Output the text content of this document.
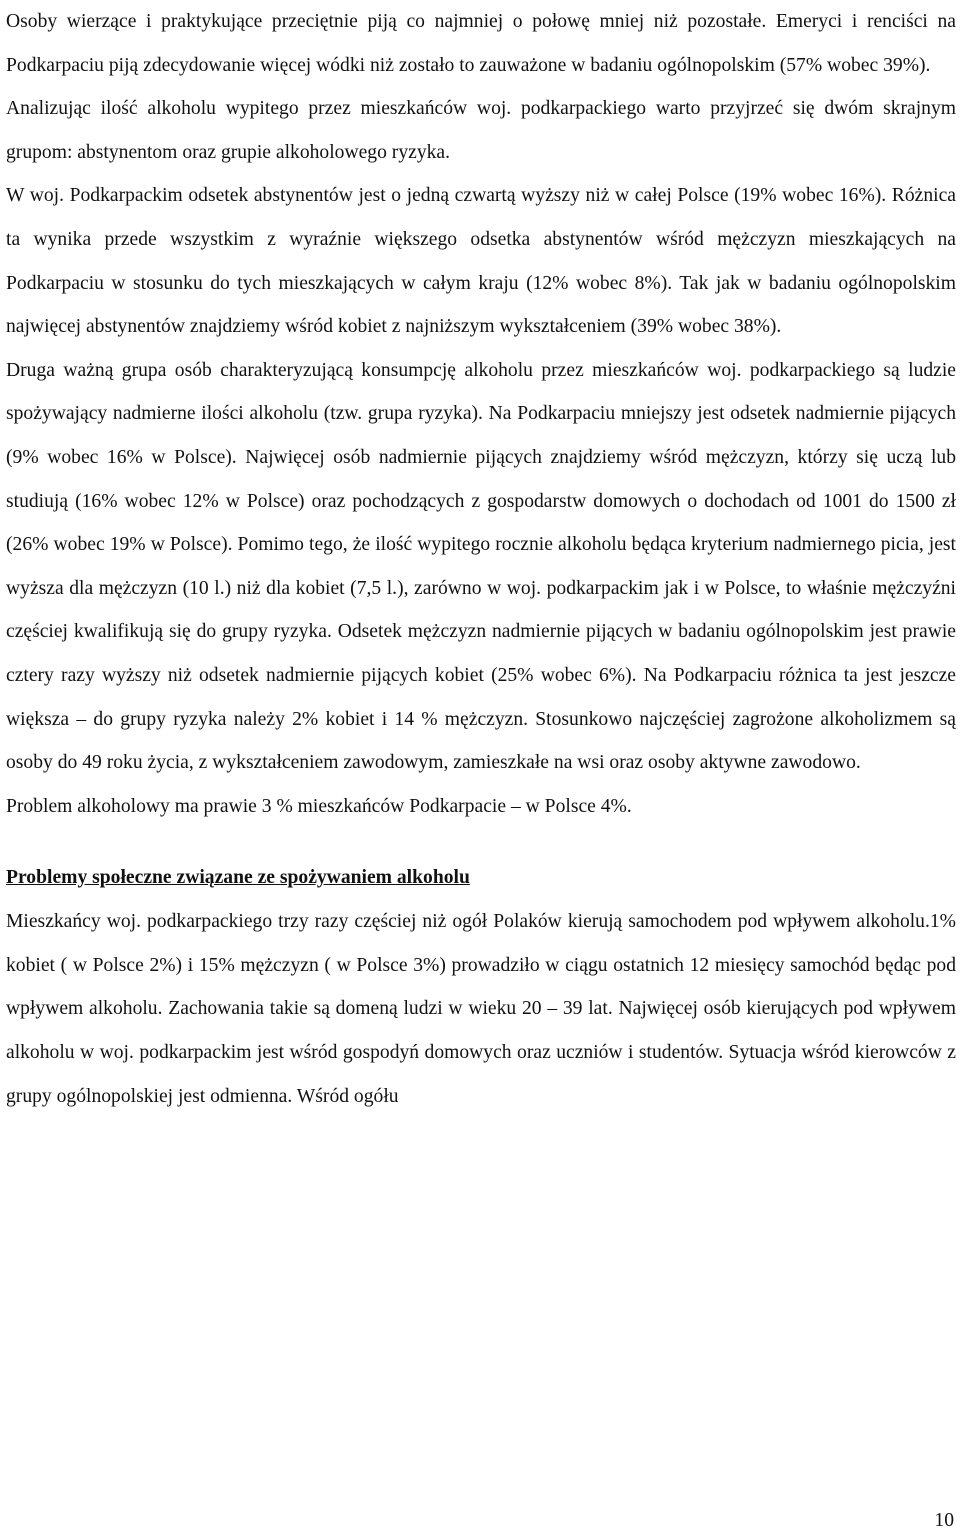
Osoby wierzące i praktykujące przeciętnie piją co najmniej o połowę mniej niż pozostałe. Emeryci i renciści na Podkarpaciu piją zdecydowanie więcej wódki niż zostało to zauważone w badaniu ogólnopolskim (57% wobec 39%).

Analizując ilość alkoholu wypitego przez mieszkańców woj. podkarpackiego warto przyjrzeć się dwóm skrajnym grupom: abstynentom oraz grupie alkoholowego ryzyka.

W woj. Podkarpackim odsetek abstynentów jest o jedną czwartą wyższy niż w całej Polsce (19% wobec 16%). Różnica ta wynika przede wszystkim z wyraźnie większego odsetka abstynentów wśród mężczyzn mieszkających na Podkarpaciu w stosunku do tych mieszkających w całym kraju (12% wobec 8%). Tak jak w badaniu ogólnopolskim najwięcej abstynentów znajdziemy wśród kobiet z najniższym wykształceniem (39% wobec 38%).

Druga ważną grupa osób charakteryzującą konsumpcję alkoholu przez mieszkańców woj. podkarpackiego są ludzie spożywający nadmierne ilości alkoholu (tzw. grupa ryzyka). Na Podkarpaciu mniejszy jest odsetek nadmiernie pijących (9% wobec 16% w Polsce). Najwięcej osób nadmiernie pijących znajdziemy wśród mężczyzn, którzy się uczą lub studiują (16% wobec 12% w Polsce) oraz pochodzących z gospodarstw domowych o dochodach od 1001 do 1500 zł (26% wobec 19% w Polsce). Pomimo tego, że ilość wypitego rocznie alkoholu będąca kryterium nadmiernego picia, jest wyższa dla mężczyzn (10 l.) niż dla kobiet (7,5 l.), zarówno w woj. podkarpackim jak i w Polsce, to właśnie mężczyźni częściej kwalifikują się do grupy ryzyka. Odsetek mężczyzn nadmiernie pijących w badaniu ogólnopolskim jest prawie cztery razy wyższy niż odsetek nadmiernie pijących kobiet (25% wobec 6%). Na Podkarpaciu różnica ta jest jeszcze większa – do grupy ryzyka należy 2% kobiet i 14 % mężczyzn. Stosunkowo najczęściej zagrożone alkoholizmem są osoby do 49 roku życia, z wykształceniem zawodowym, zamieszkałe na wsi oraz osoby aktywne zawodowo.

Problem alkoholowy ma prawie 3 % mieszkańców Podkarpacie – w Polsce 4%.

Problemy społeczne związane ze spożywaniem alkoholu

Mieszkańcy woj. podkarpackiego trzy razy częściej niż ogół Polaków kierują samochodem pod wpływem alkoholu.1% kobiet ( w Polsce 2%) i 15% mężczyzn ( w Polsce 3%) prowadziło w ciągu ostatnich 12 miesięcy samochód będąc pod wpływem alkoholu. Zachowania takie są domeną ludzi w wieku 20 – 39 lat. Najwięcej osób kierujących pod wpływem alkoholu w woj. podkarpackim jest wśród gospodyń domowych oraz uczniów i studentów. Sytuacja wśród kierowców z grupy ogólnopolskiej jest odmienna. Wśród ogółu

10
